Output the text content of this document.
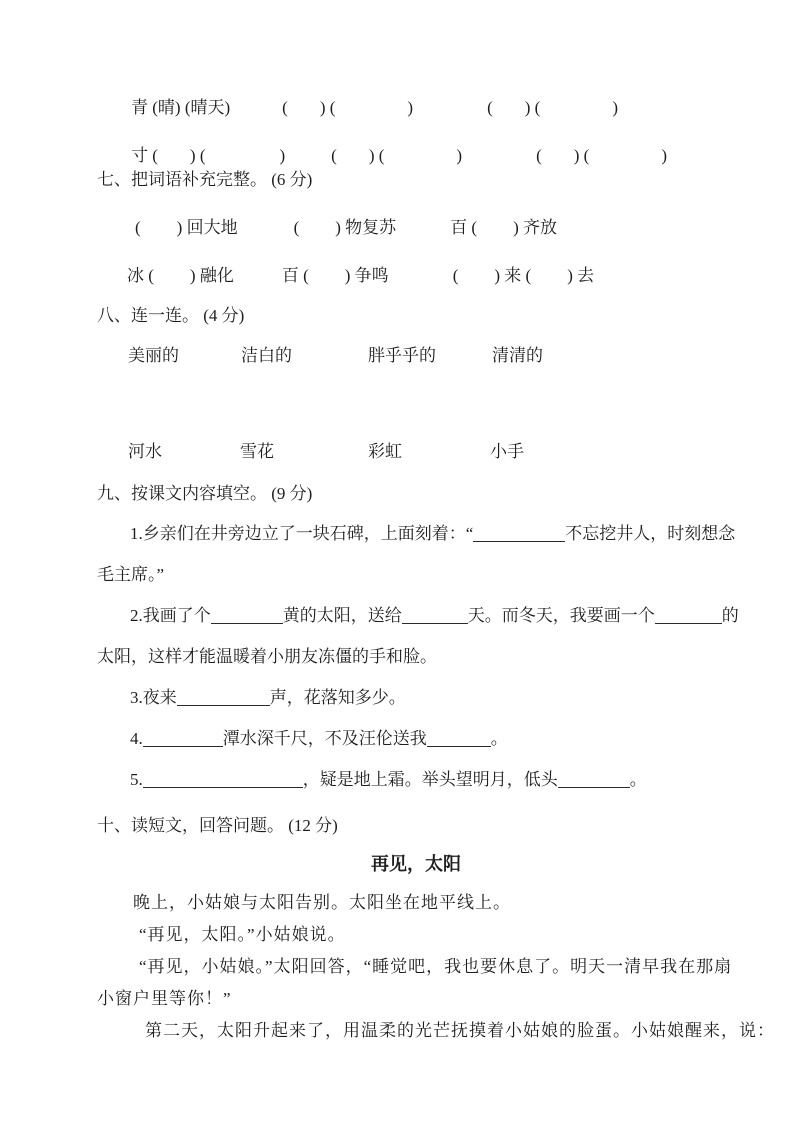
青 (晴) (晴天)	( ) (	)	( ) (	)
寸 ( ) (	)	( ) (	)	( ) (	)
七、把词语补充完整。 (6 分)
( ) 回大地	( ) 物复苏	百 ( ) 齐放
冰 ( ) 融化	百 ( ) 争鸣	( ) 来 ( ) 去
八、连一连。 (4 分)
美丽的	洁白的	胖乎乎的	清清的
河水	雪花	彩虹	小手
九、按课文内容填空。 (9 分)
1.乡亲们在井旁边立了一块石碑，上面刻着：“	不忘挖井人，时刻想念
毛主席。”
2.我画了个	黄的太阳，送给	天。而冬天，我要画一个	的
太阳，这样才能温暖着小朋友冻僵的手和脸。
3.夜来	声，花落知多少。
4.	潭水深千尺，不及汪伦送我	。
5.	，疑是地上霜。举头望明月，低头	。
十、读短文，回答问题。 (12 分)
再见，太阳
晚上，小姑娘与太阳告别。太阳坐在地平线上。
“再见，太阳。”小姑娘说。
“再见，小姑娘。”太阳回答，“睡觉吧，我也要休息了。明天一清早我在那扇
小窗户里等你！”
第二天，太阳升起来了，用温柔的光芒抚摸着小姑娘的脸蛋。小姑娘醒来，说：
